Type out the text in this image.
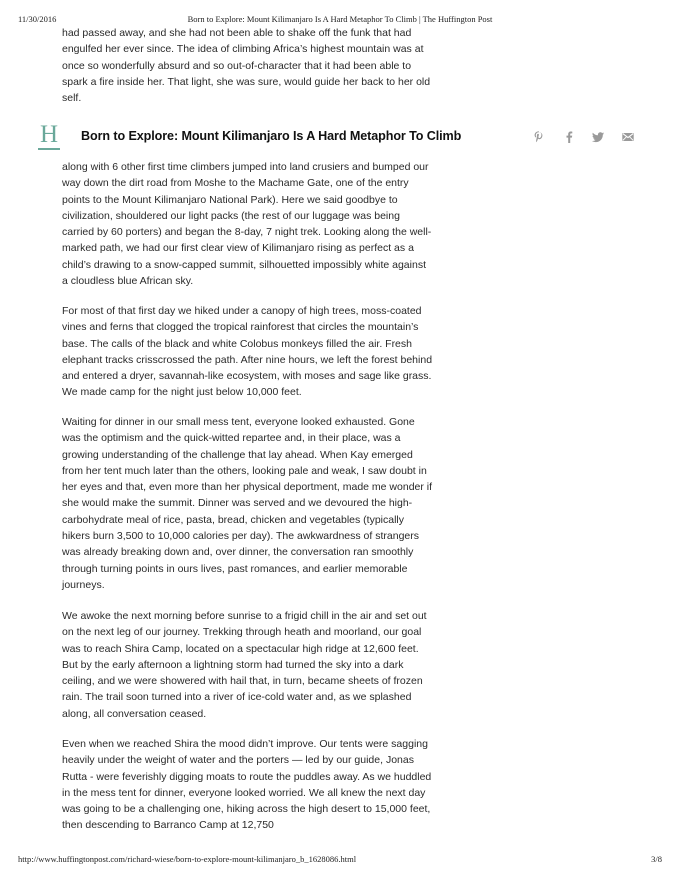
11/30/2016	Born to Explore: Mount Kilimanjaro Is A Hard Metaphor To Climb | The Huffington Post

had passed away, and she had not been able to shake off the funk that had engulfed her ever since. The idea of climbing Africa’s highest mountain was at once so wonderfully absurd and so out-of-character that it had been able to spark a fire inside her. That light, she was sure, would guide her back to her old self.

H Born to Explore: Mount Kilimanjaro Is A Hard Metaphor To Climb

along with 6 other first time climbers jumped into land crusiers and bumped our way down the dirt road from Moshe to the Machame Gate, one of the entry points to the Mount Kilimanjaro National Park). Here we said goodbye to civilization, shouldered our light packs (the rest of our luggage was being carried by 60 porters) and began the 8-day, 7 night trek. Looking along the well-marked path, we had our first clear view of Kilimanjaro rising as perfect as a child’s drawing to a snow-capped summit, silhouetted impossibly white against a cloudless blue African sky.

For most of that first day we hiked under a canopy of high trees, moss-coated vines and ferns that clogged the tropical rainforest that circles the mountain’s base. The calls of the black and white Colobus monkeys filled the air. Fresh elephant tracks crisscrossed the path. After nine hours, we left the forest behind and entered a dryer, savannah-like ecosystem, with moses and sage like grass. We made camp for the night just below 10,000 feet.

Waiting for dinner in our small mess tent, everyone looked exhausted. Gone was the optimism and the quick-witted repartee and, in their place, was a growing understanding of the challenge that lay ahead. When Kay emerged from her tent much later than the others, looking pale and weak, I saw doubt in her eyes and that, even more than her physical deportment, made me wonder if she would make the summit. Dinner was served and we devoured the high-carbohydrate meal of rice, pasta, bread, chicken and vegetables (typically hikers burn 3,500 to 10,000 calories per day). The awkwardness of strangers was already breaking down and, over dinner, the conversation ran smoothly through turning points in ours lives, past romances, and earlier memorable journeys.

We awoke the next morning before sunrise to a frigid chill in the air and set out on the next leg of our journey. Trekking through heath and moorland, our goal was to reach Shira Camp, located on a spectacular high ridge at 12,600 feet. But by the early afternoon a lightning storm had turned the sky into a dark ceiling, and we were showered with hail that, in turn, became sheets of frozen rain. The trail soon turned into a river of ice-cold water and, as we splashed along, all conversation ceased.

Even when we reached Shira the mood didn’t improve. Our tents were sagging heavily under the weight of water and the porters — led by our guide, Jonas Rutta - were feverishly digging moats to route the puddles away. As we huddled in the mess tent for dinner, everyone looked worried. We all knew the next day was going to be a challenging one, hiking across the high desert to 15,000 feet, then descending to Barranco Camp at 12,750

http://www.huffingtonpost.com/richard-wiese/born-to-explore-mount-kilimanjaro_b_1628086.html	3/8
